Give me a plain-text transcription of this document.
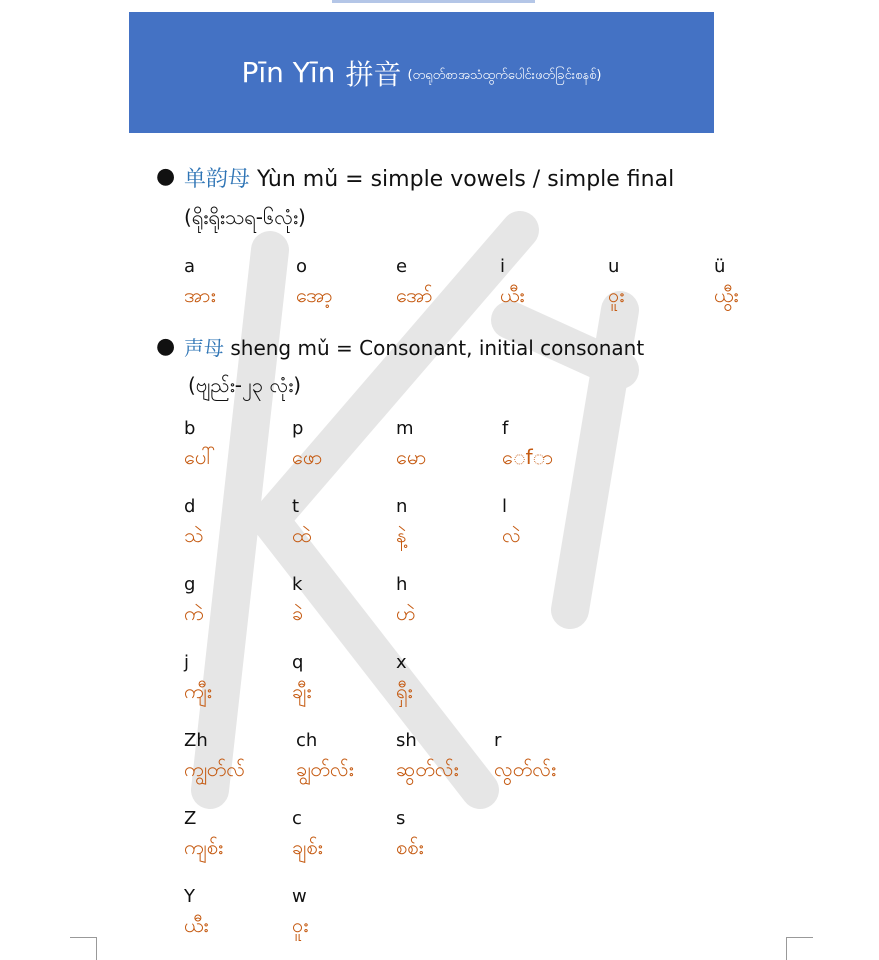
Pīn Yīn 拼音 (တရုတ်စာအသံထွက်ပေါင်းဖတ်ခြင်းစနစ်)
● 单韵母 Yùn mǔ = simple vowels / simple final
(ရိုးရိုးသရ-၆လုံး)
a
အား
o
အော့
e
အော်
i
ယီး
u
ဝူး
ü
ယွီး
● 声母 sheng mǔ = Consonant, initial consonant
(ဗျည်း-၂၃ လုံး)
b
ပေါ်
p
ဖော
m
မော
f
ေfာ
d
သဲ
t
ထဲ
n
နဲ့
l
လဲ
g
ကဲ
k
ခဲ
h
ဟဲ
j
ကျီး
q
ချီး
x
ရှီး
Zh
ကျွတ်လ်
ch
ချွတ်လ်း
sh
ဆွတ်လ်း
r
လွတ်လ်း
Z
ကျစ်း
c
ချစ်း
s
စစ်း
Y
ယီး
w
ဝူး
